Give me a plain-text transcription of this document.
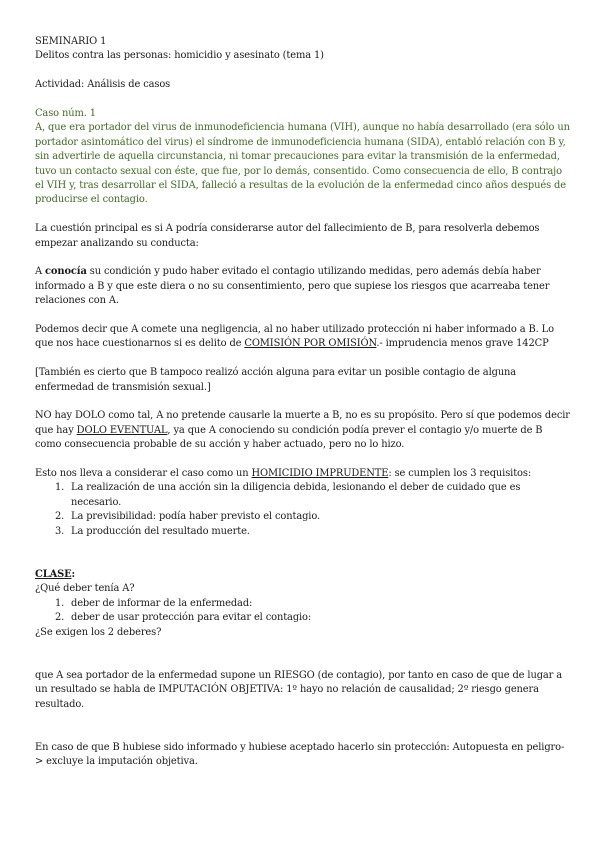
SEMINARIO 1

Delitos contra las personas: homicidio y asesinato (tema 1)

Actividad: Análisis de casos

Caso núm. 1

A, que era portador del virus de inmunodeficiencia humana (VIH), aunque no había desarrollado (era sólo un portador asintomático del virus) el síndrome de inmunodeficiencia humana (SIDA), entabló relación con B y, sin advertirle de aquella circunstancia, ni tomar precauciones para evitar la transmisión de la enfermedad, tuvo un contacto sexual con éste, que fue, por lo demás, consentido. Como consecuencia de ello, B contrajo el VIH y, tras desarrollar el SIDA, falleció a resultas de la evolución de la enfermedad cinco años después de producirse el contagio.

La cuestión principal es si A podría considerarse autor del fallecimiento de B, para resolverla debemos empezar analizando su conducta:

A conocía su condición y pudo haber evitado el contagio utilizando medidas, pero además debía haber informado a B y que este diera o no su consentimiento, pero que supiese los riesgos que acarreaba tener relaciones con A.

Podemos decir que A comete una negligencia, al no haber utilizado protección ni haber informado a B. Lo que nos hace cuestionarnos si es delito de COMISIÓN POR OMISIÓN.- imprudencia menos grave 142CP

[También es cierto que B tampoco realizó acción alguna para evitar un posible contagio de alguna enfermedad de transmisión sexual.]

NO hay DOLO como tal, A no pretende causarle la muerte a B, no es su propósito. Pero sí que podemos decir que hay DOLO EVENTUAL, ya que A conociendo su condición podía prever el contagio y/o muerte de B como consecuencia probable de su acción y haber actuado, pero no lo hizo.

Esto nos lleva a considerar el caso como un HOMICIDIO IMPRUDENTE: se cumplen los 3 requisitos:

1. La realización de una acción sin la diligencia debida, lesionando el deber de cuidado que es necesario.
2. La previsibilidad: podía haber previsto el contagio.
3. La producción del resultado muerte.

CLASE:

¿Qué deber tenía A?

1. deber de informar de la enfermedad:
2. deber de usar protección para evitar el contagio:

¿Se exigen los 2 deberes?

que A sea portador de la enfermedad supone un RIESGO (de contagio), por tanto en caso de que de lugar a un resultado se habla de IMPUTACIÓN OBJETIVA: 1º hayo no relación de causalidad; 2º riesgo genera resultado.

En caso de que B hubiese sido informado y hubiese aceptado hacerlo sin protección: Autopuesta en peligro-> excluye la imputación objetiva.
